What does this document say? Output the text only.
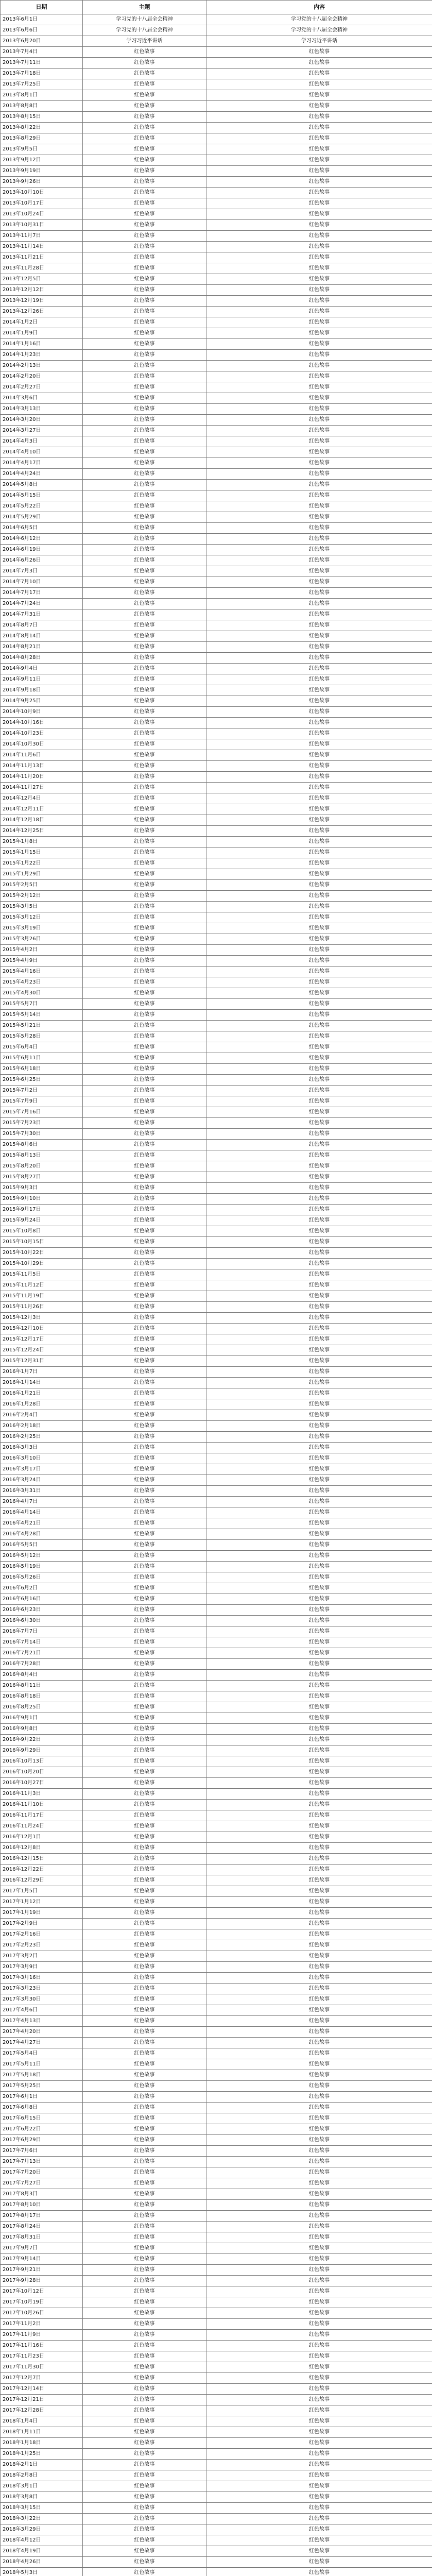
日期	主题	内容
2013年6月1日	学习党的十八届全会精神	学习党的十八届全会精神
2013年6月6日	学习党的十八届全会精神	学习党的十八届全会精神
2013年6月20日	学习习近平讲话	学习习近平讲话
2013年7月4日	红色故事	红色故事
2013年7月11日	红色故事	红色故事
2013年7月18日	红色故事	红色故事
2013年7月25日	红色故事	红色故事
2013年8月1日	红色故事	红色故事
2013年8月8日	红色故事	红色故事
2013年8月15日	红色故事	红色故事
2013年8月22日	红色故事	红色故事
2013年8月29日	红色故事	红色故事
2013年9月5日	红色故事	红色故事
2013年9月12日	红色故事	红色故事
2013年9月19日	红色故事	红色故事
2013年9月26日	红色故事	红色故事
2013年10月10日	红色故事	红色故事
2013年10月17日	红色故事	红色故事
2013年10月24日	红色故事	红色故事
2013年10月31日	红色故事	红色故事
2013年11月7日	红色故事	红色故事
2013年11月14日	红色故事	红色故事
2013年11月21日	红色故事	红色故事
2013年11月28日	红色故事	红色故事
2013年12月5日	红色故事	红色故事
2013年12月12日	红色故事	红色故事
2013年12月19日	红色故事	红色故事
2013年12月26日	红色故事	红色故事
2014年1月2日	红色故事	红色故事
2014年1月9日	红色故事	红色故事
2014年1月16日	红色故事	红色故事
2014年1月23日	红色故事	红色故事
2014年2月13日	红色故事	红色故事
2014年2月20日	红色故事	红色故事
2014年2月27日	红色故事	红色故事
2014年3月6日	红色故事	红色故事
2014年3月13日	红色故事	红色故事
2014年3月20日	红色故事	红色故事
2014年3月27日	红色故事	红色故事
2014年4月3日	红色故事	红色故事
2014年4月10日	红色故事	红色故事
2014年4月17日	红色故事	红色故事
2014年4月24日	红色故事	红色故事
2014年5月8日	红色故事	红色故事
2014年5月15日	红色故事	红色故事
2014年5月22日	红色故事	红色故事
2014年5月29日	红色故事	红色故事
2014年6月5日	红色故事	红色故事
2014年6月12日	红色故事	红色故事
2014年6月19日	红色故事	红色故事
2014年6月26日	红色故事	红色故事
2014年7月3日	红色故事	红色故事
2014年7月10日	红色故事	红色故事
2014年7月17日	红色故事	红色故事
2014年7月24日	红色故事	红色故事
2014年7月31日	红色故事	红色故事
2014年8月7日	红色故事	红色故事
2014年8月14日	红色故事	红色故事
2014年8月21日	红色故事	红色故事
2014年8月28日	红色故事	红色故事
2014年9月4日	红色故事	红色故事
2014年9月11日	红色故事	红色故事
2014年9月18日	红色故事	红色故事
2014年9月25日	红色故事	红色故事
2014年10月9日	红色故事	红色故事
2014年10月16日	红色故事	红色故事
2014年10月23日	红色故事	红色故事
2014年10月30日	红色故事	红色故事
2014年11月6日	红色故事	红色故事
2014年11月13日	红色故事	红色故事
2014年11月20日	红色故事	红色故事
2014年11月27日	红色故事	红色故事
2014年12月4日	红色故事	红色故事
2014年12月11日	红色故事	红色故事
2014年12月18日	红色故事	红色故事
2014年12月25日	红色故事	红色故事
2015年1月8日	红色故事	红色故事
2015年1月15日	红色故事	红色故事
2015年1月22日	红色故事	红色故事
2015年1月29日	红色故事	红色故事
2015年2月5日	红色故事	红色故事
2015年2月12日	红色故事	红色故事
2015年3月5日	红色故事	红色故事
2015年3月12日	红色故事	红色故事
2015年3月19日	红色故事	红色故事
2015年3月26日	红色故事	红色故事
2015年4月2日	红色故事	红色故事
2015年4月9日	红色故事	红色故事
2015年4月16日	红色故事	红色故事
2015年4月23日	红色故事	红色故事
2015年4月30日	红色故事	红色故事
2015年5月7日	红色故事	红色故事
2015年5月14日	红色故事	红色故事
2015年5月21日	红色故事	红色故事
2015年5月28日	红色故事	红色故事
2015年6月4日	红色故事	红色故事
2015年6月11日	红色故事	红色故事
2015年6月18日	红色故事	红色故事
2015年6月25日	红色故事	红色故事
2015年7月2日	红色故事	红色故事
2015年7月9日	红色故事	红色故事
2015年7月16日	红色故事	红色故事
2015年7月23日	红色故事	红色故事
2015年7月30日	红色故事	红色故事
2015年8月6日	红色故事	红色故事
2015年8月13日	红色故事	红色故事
2015年8月20日	红色故事	红色故事
2015年8月27日	红色故事	红色故事
2015年9月3日	红色故事	红色故事
2015年9月10日	红色故事	红色故事
2015年9月17日	红色故事	红色故事
2015年9月24日	红色故事	红色故事
2015年10月8日	红色故事	红色故事
2015年10月15日	红色故事	红色故事
2015年10月22日	红色故事	红色故事
2015年10月29日	红色故事	红色故事
2015年11月5日	红色故事	红色故事
2015年11月12日	红色故事	红色故事
2015年11月19日	红色故事	红色故事
2015年11月26日	红色故事	红色故事
2015年12月3日	红色故事	红色故事
2015年12月10日	红色故事	红色故事
2015年12月17日	红色故事	红色故事
2015年12月24日	红色故事	红色故事
2015年12月31日	红色故事	红色故事
2016年1月7日	红色故事	红色故事
2016年1月14日	红色故事	红色故事
2016年1月21日	红色故事	红色故事
2016年1月28日	红色故事	红色故事
2016年2月4日	红色故事	红色故事
2016年2月18日	红色故事	红色故事
2016年2月25日	红色故事	红色故事
2016年3月3日	红色故事	红色故事
2016年3月10日	红色故事	红色故事
2016年3月17日	红色故事	红色故事
2016年3月24日	红色故事	红色故事
2016年3月31日	红色故事	红色故事
2016年4月7日	红色故事	红色故事
2016年4月14日	红色故事	红色故事
2016年4月21日	红色故事	红色故事
2016年4月28日	红色故事	红色故事
2016年5月5日	红色故事	红色故事
2016年5月12日	红色故事	红色故事
2016年5月19日	红色故事	红色故事
2016年5月26日	红色故事	红色故事
2016年6月2日	红色故事	红色故事
2016年6月16日	红色故事	红色故事
2016年6月23日	红色故事	红色故事
2016年6月30日	红色故事	红色故事
2016年7月7日	红色故事	红色故事
2016年7月14日	红色故事	红色故事
2016年7月21日	红色故事	红色故事
2016年7月28日	红色故事	红色故事
2016年8月4日	红色故事	红色故事
2016年8月11日	红色故事	红色故事
2016年8月18日	红色故事	红色故事
2016年8月25日	红色故事	红色故事
2016年9月1日	红色故事	红色故事
2016年9月8日	红色故事	红色故事
2016年9月22日	红色故事	红色故事
2016年9月29日	红色故事	红色故事
2016年10月13日	红色故事	红色故事
2016年10月20日	红色故事	红色故事
2016年10月27日	红色故事	红色故事
2016年11月3日	红色故事	红色故事
2016年11月10日	红色故事	红色故事
2016年11月17日	红色故事	红色故事
2016年11月24日	红色故事	红色故事
2016年12月1日	红色故事	红色故事
2016年12月8日	红色故事	红色故事
2016年12月15日	红色故事	红色故事
2016年12月22日	红色故事	红色故事
2016年12月29日	红色故事	红色故事
2017年1月5日	红色故事	红色故事
2017年1月12日	红色故事	红色故事
2017年1月19日	红色故事	红色故事
2017年2月9日	红色故事	红色故事
2017年2月16日	红色故事	红色故事
2017年2月23日	红色故事	红色故事
2017年3月2日	红色故事	红色故事
2017年3月9日	红色故事	红色故事
2017年3月16日	红色故事	红色故事
2017年3月23日	红色故事	红色故事
2017年3月30日	红色故事	红色故事
2017年4月6日	红色故事	红色故事
2017年4月13日	红色故事	红色故事
2017年4月20日	红色故事	红色故事
2017年4月27日	红色故事	红色故事
2017年5月4日	红色故事	红色故事
2017年5月11日	红色故事	红色故事
2017年5月18日	红色故事	红色故事
2017年5月25日	红色故事	红色故事
2017年6月1日	红色故事	红色故事
2017年6月8日	红色故事	红色故事
2017年6月15日	红色故事	红色故事
2017年6月22日	红色故事	红色故事
2017年6月29日	红色故事	红色故事
2017年7月6日	红色故事	红色故事
2017年7月13日	红色故事	红色故事
2017年7月20日	红色故事	红色故事
2017年7月27日	红色故事	红色故事
2017年8月3日	红色故事	红色故事
2017年8月10日	红色故事	红色故事
2017年8月17日	红色故事	红色故事
2017年8月24日	红色故事	红色故事
2017年8月31日	红色故事	红色故事
2017年9月7日	红色故事	红色故事
2017年9月14日	红色故事	红色故事
2017年9月21日	红色故事	红色故事
2017年9月28日	红色故事	红色故事
2017年10月12日	红色故事	红色故事
2017年10月19日	红色故事	红色故事
2017年10月26日	红色故事	红色故事
2017年11月2日	红色故事	红色故事
2017年11月9日	红色故事	红色故事
2017年11月16日	红色故事	红色故事
2017年11月23日	红色故事	红色故事
2017年11月30日	红色故事	红色故事
2017年12月7日	红色故事	红色故事
2017年12月14日	红色故事	红色故事
2017年12月21日	红色故事	红色故事
2017年12月28日	红色故事	红色故事
2018年1月4日	红色故事	红色故事
2018年1月11日	红色故事	红色故事
2018年1月18日	红色故事	红色故事
2018年1月25日	红色故事	红色故事
2018年2月1日	红色故事	红色故事
2018年2月8日	红色故事	红色故事
2018年3月1日	红色故事	红色故事
2018年3月8日	红色故事	红色故事
2018年3月15日	红色故事	红色故事
2018年3月22日	红色故事	红色故事
2018年3月29日	红色故事	红色故事
2018年4月12日	红色故事	红色故事
2018年4月19日	红色故事	红色故事
2018年4月26日	红色故事	红色故事
2018年5月3日	红色故事	红色故事
